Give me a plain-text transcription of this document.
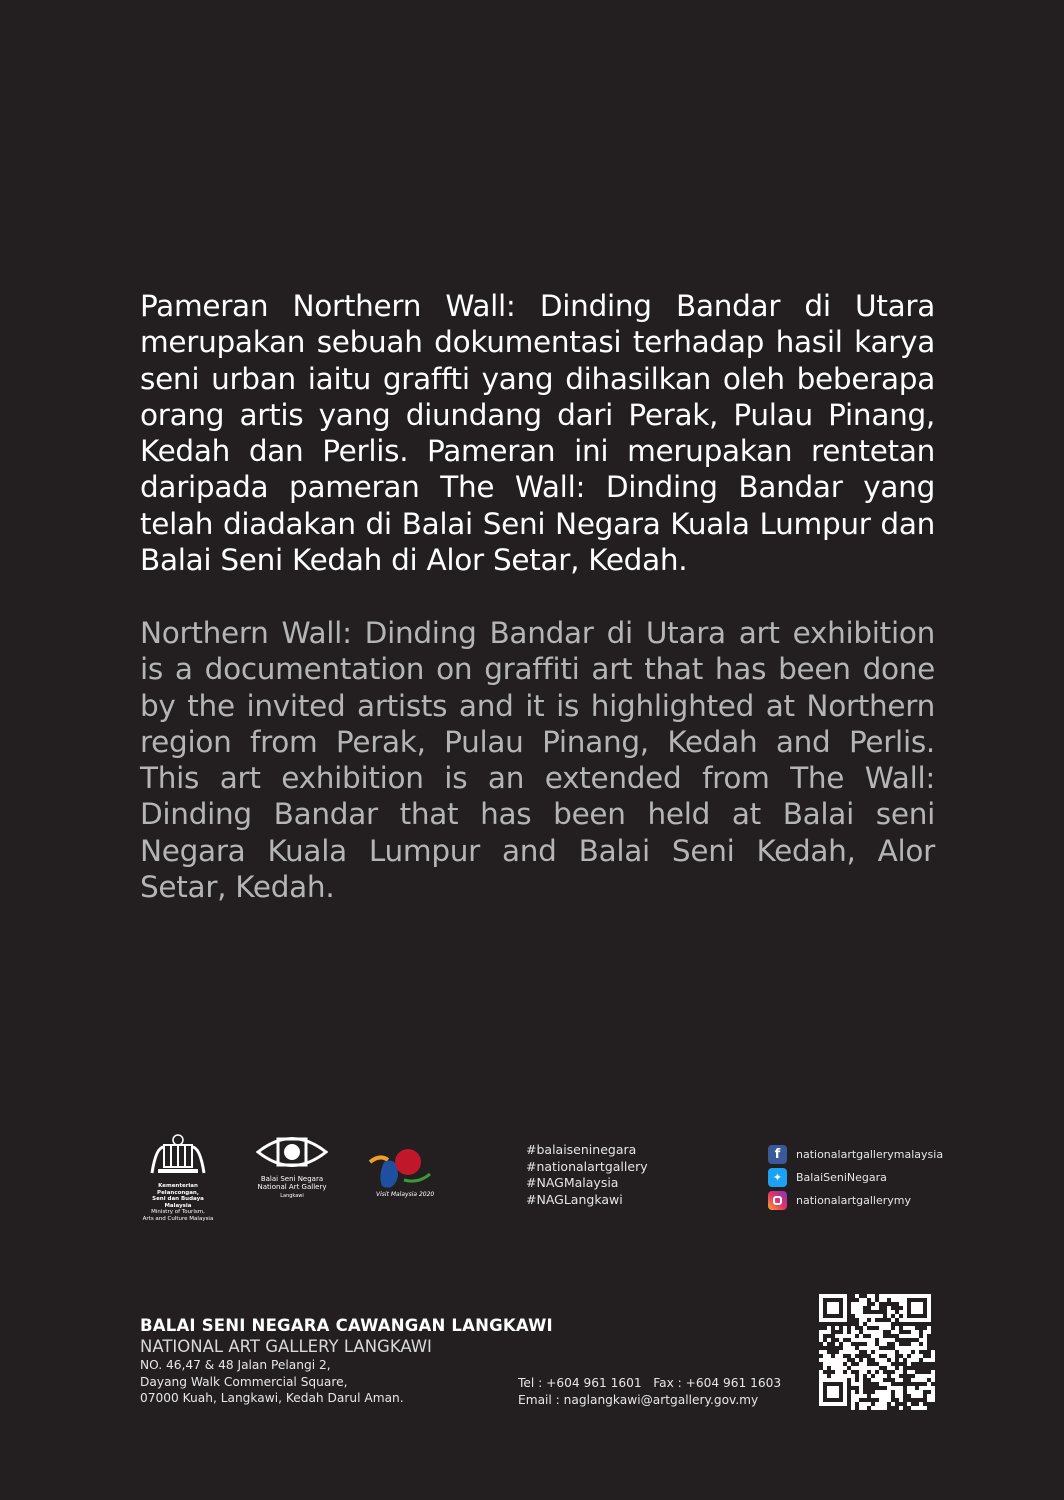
Pameran Northern Wall: Dinding Bandar di Utara merupakan sebuah dokumentasi terhadap hasil karya seni urban iaitu graffti yang dihasilkan oleh beberapa orang artis yang diundang dari Perak, Pulau Pinang, Kedah dan Perlis. Pameran ini merupakan rentetan daripada pameran The Wall: Dinding Bandar yang telah diadakan di Balai Seni Negara Kuala Lumpur dan Balai Seni Kedah di Alor Setar, Kedah.
Northern Wall: Dinding Bandar di Utara art exhibition is a documentation on graffiti art that has been done by the invited artists and it is highlighted at Northern region from Perak, Pulau Pinang, Kedah and Perlis. This art exhibition is an extended from The Wall: Dinding Bandar that has been held at Balai seni Negara Kuala Lumpur and Balai Seni Kedah, Alor Setar, Kedah.
Kementerian Pelancongan,
Seni dan Budaya Malaysia
Ministry of Tourism,
Arts and Culture Malaysia
Balai Seni Negara
National Art Gallery
Langkawi	Visit Malaysia 2020
#balaiseninegara
#nationalartgallery
#NAGMalaysia
#NAGLangkawi
f	nationalartgallerymalaysia
✦	BalaiSeniNegara
nationalartgallerymy
BALAI SENI NEGARA CAWANGAN LANGKAWI
NATIONAL ART GALLERY LANGKAWI
NO. 46,47 & 48 Jalan Pelangi 2,
Dayang Walk Commercial Square,
07000 Kuah, Langkawi, Kedah Darul Aman.
Tel : +604 961 1601   Fax : +604 961 1603
Email : naglangkawi@artgallery.gov.my
